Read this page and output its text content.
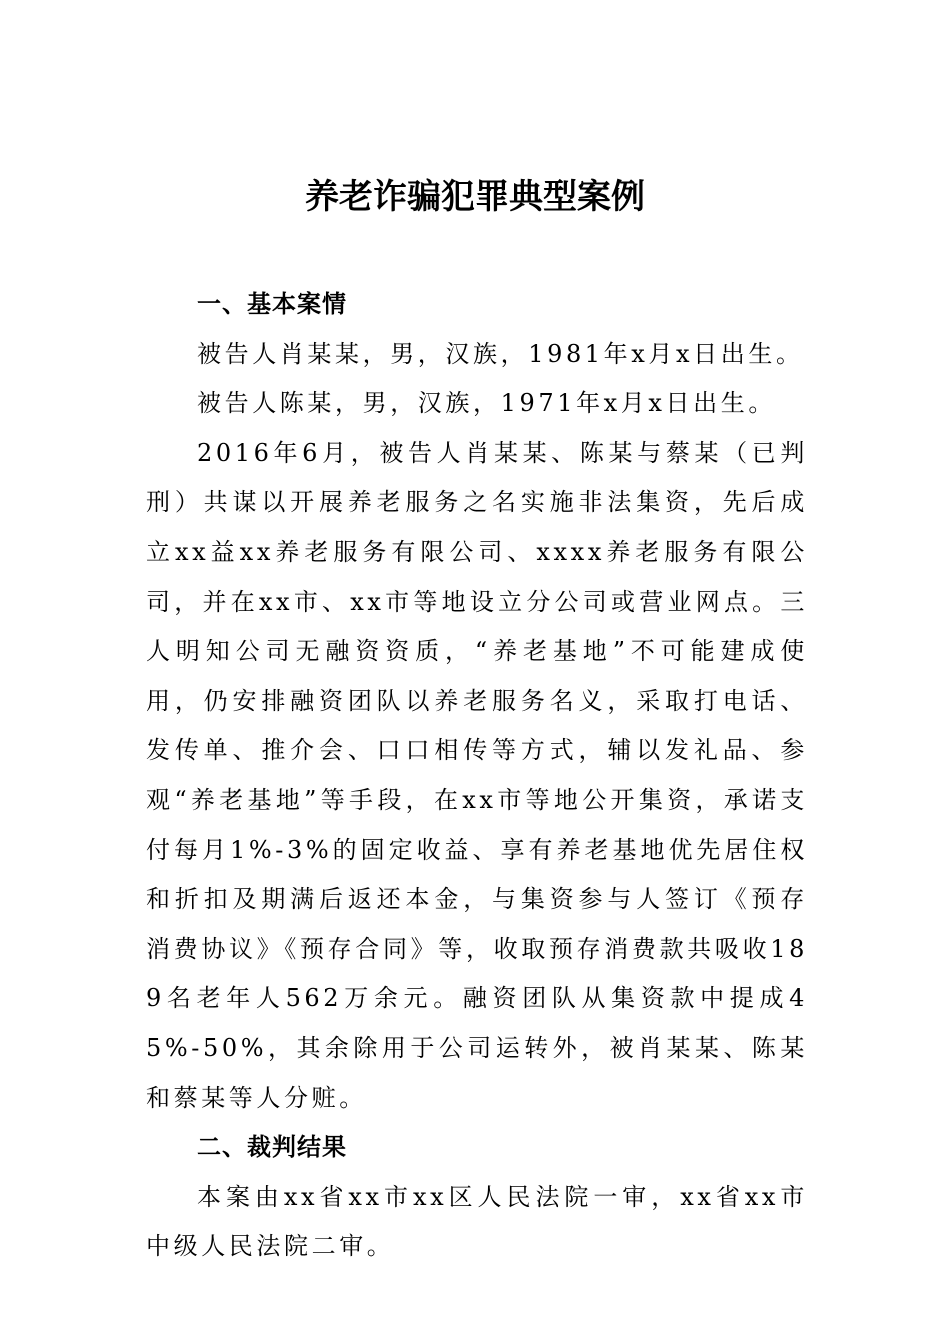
养老诈骗犯罪典型案例
一、基本案情

被告人肖某某，男，汉族，1981年x月x日出生。

被告人陈某，男，汉族，1971年x月x日出生。

2016年6月，被告人肖某某、陈某与蔡某（已判刑）共谋以开展养老服务之名实施非法集资，先后成立xx益xx养老服务有限公司、xxxx养老服务有限公司，并在xx市、xx市等地设立分公司或营业网点。三人明知公司无融资资质，“养老基地”不可能建成使用，仍安排融资团队以养老服务名义，采取打电话、发传单、推介会、口口相传等方式，辅以发礼品、参观“养老基地”等手段，在xx市等地公开集资，承诺支付每月1%-3%的固定收益、享有养老基地优先居住权和折扣及期满后返还本金，与集资参与人签订《预存消费协议》《预存合同》等，收取预存消费款共吸收189名老年人562万余元。融资团队从集资款中提成45%-50%，其余除用于公司运转外，被肖某某、陈某和蔡某等人分赃。

二、裁判结果

本案由xx省xx市xx区人民法院一审，xx省xx市中级人民法院二审。
